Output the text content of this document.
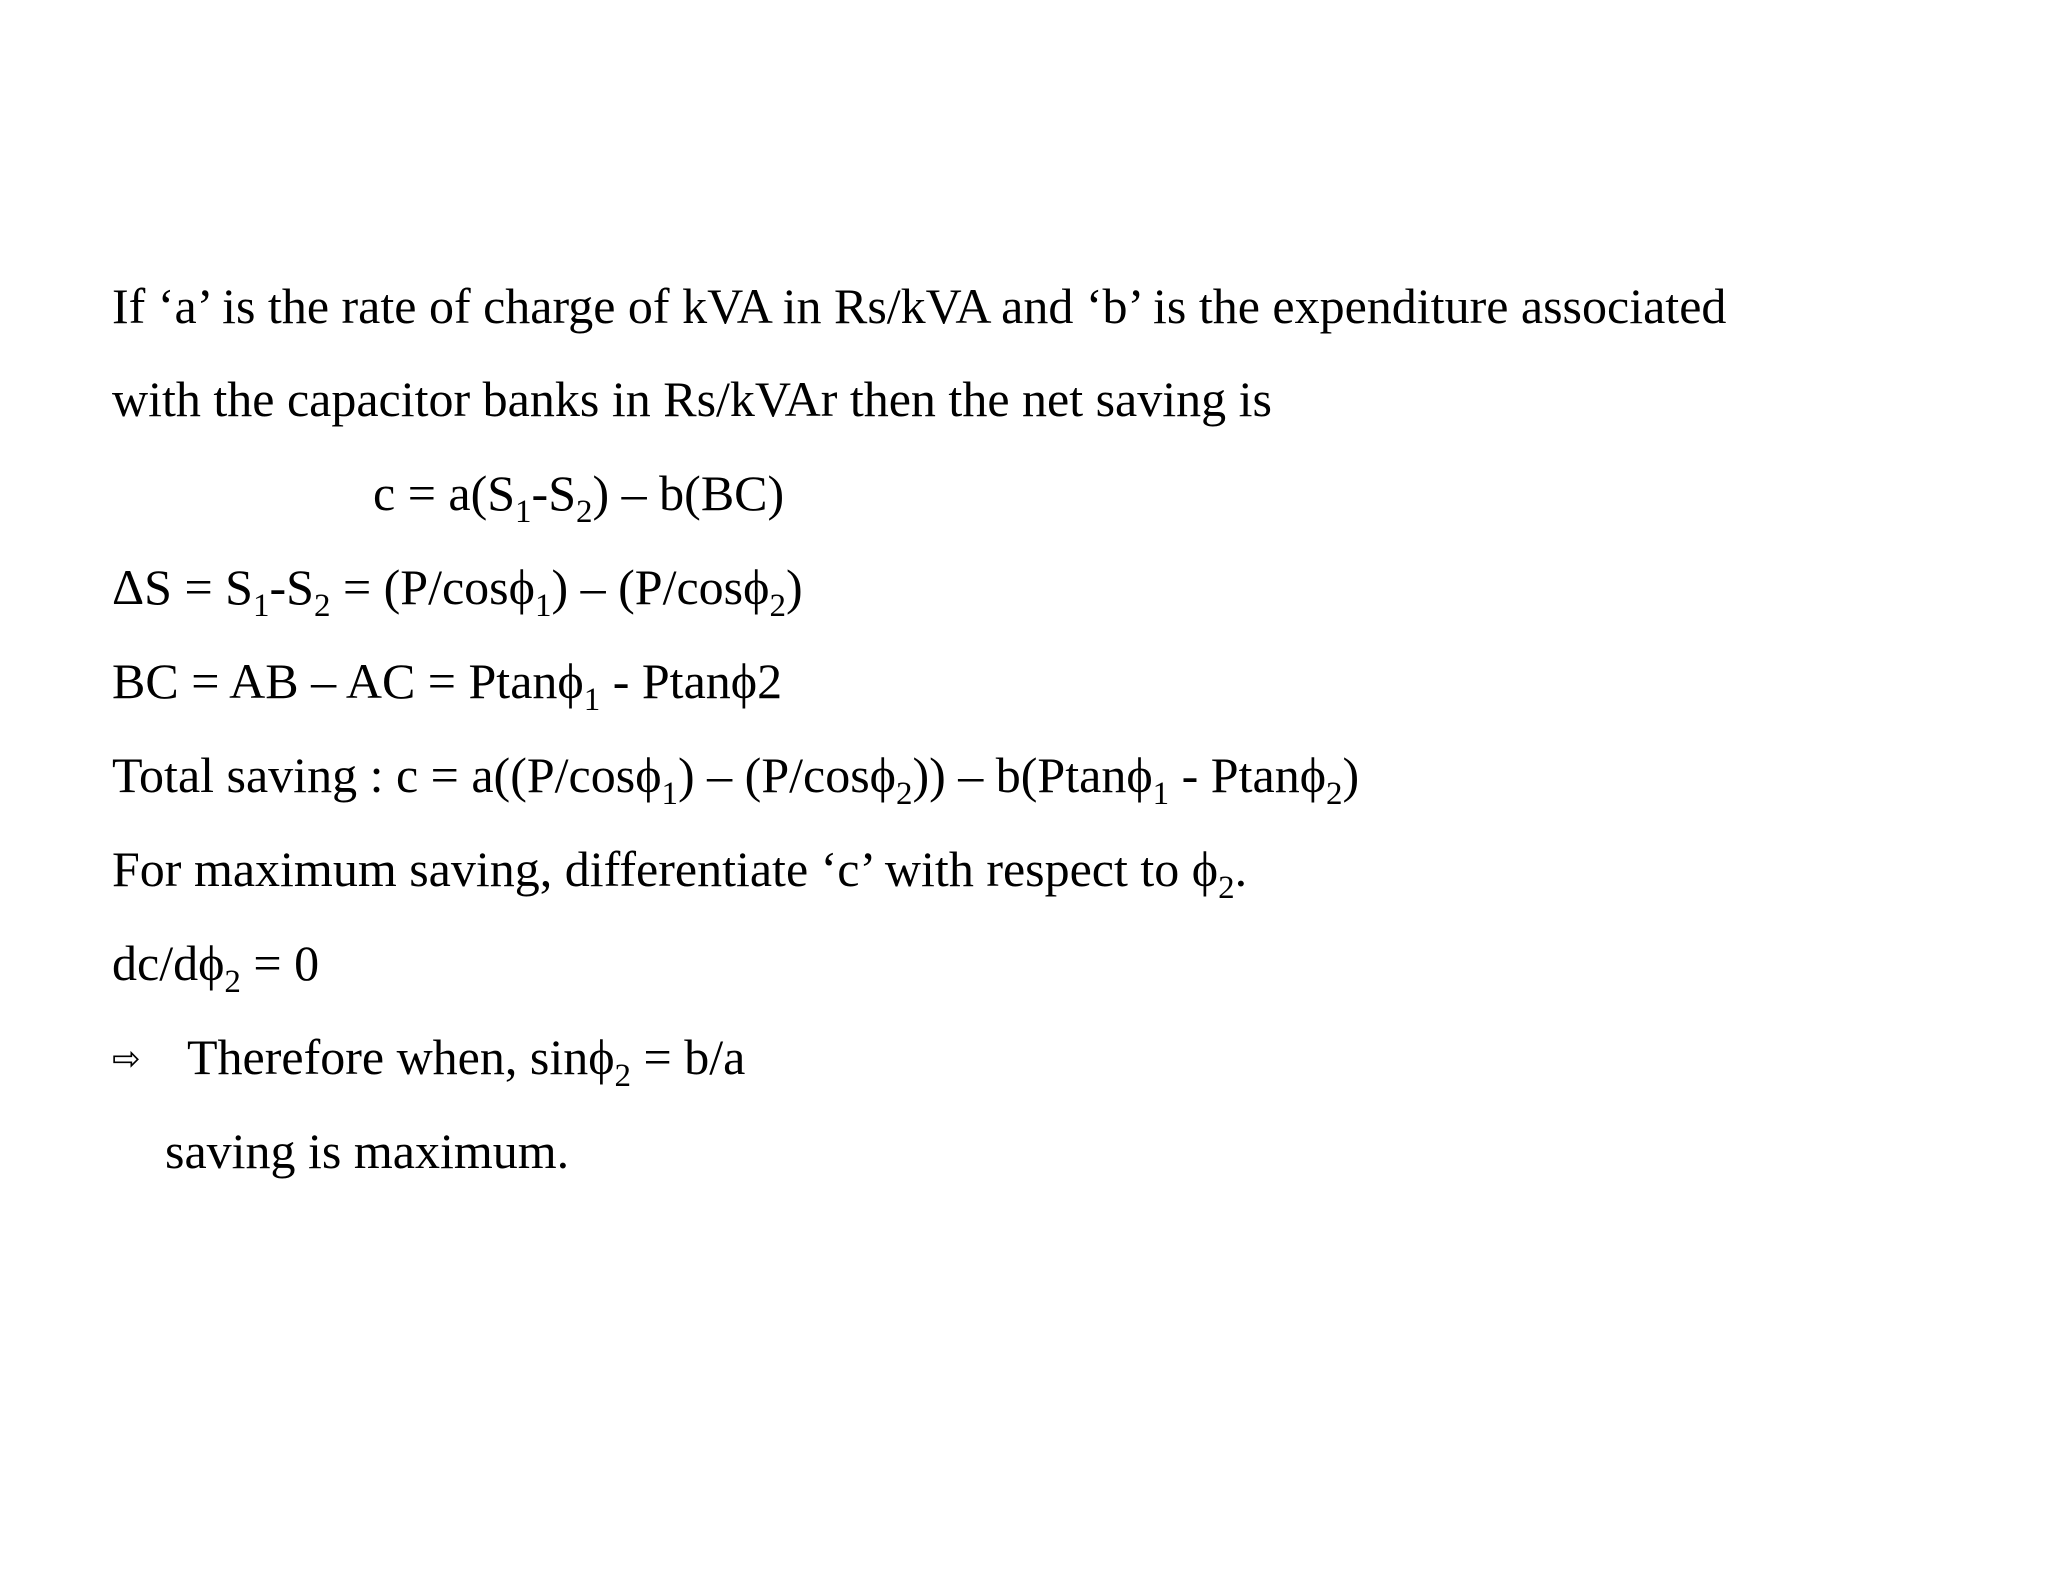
If ‘a’ is the rate of charge of kVA in Rs/kVA and ‘b’ is the expenditure associated
with the capacitor banks in Rs/kVAr then the net saving is
$c = a(S_1-S_2) - b(BC)$
$\Delta S = S_1-S_2 = (P/\cos\phi_1) - (P/\cos\phi_2)$
BC = AB – AC = Ptanϕ$_1$ - Ptanϕ2
Total saving : c = a((P/cosϕ$_1$) – (P/cosϕ$_2$)) – b(Ptanϕ$_1$ - Ptanϕ$_2$)
For maximum saving, differentiate ‘c’ with respect to $\phi_2$.
$dc/d\phi_2 = 0$
⇨ Therefore when, sinϕ$_2$ = b/a
saving is maximum.
